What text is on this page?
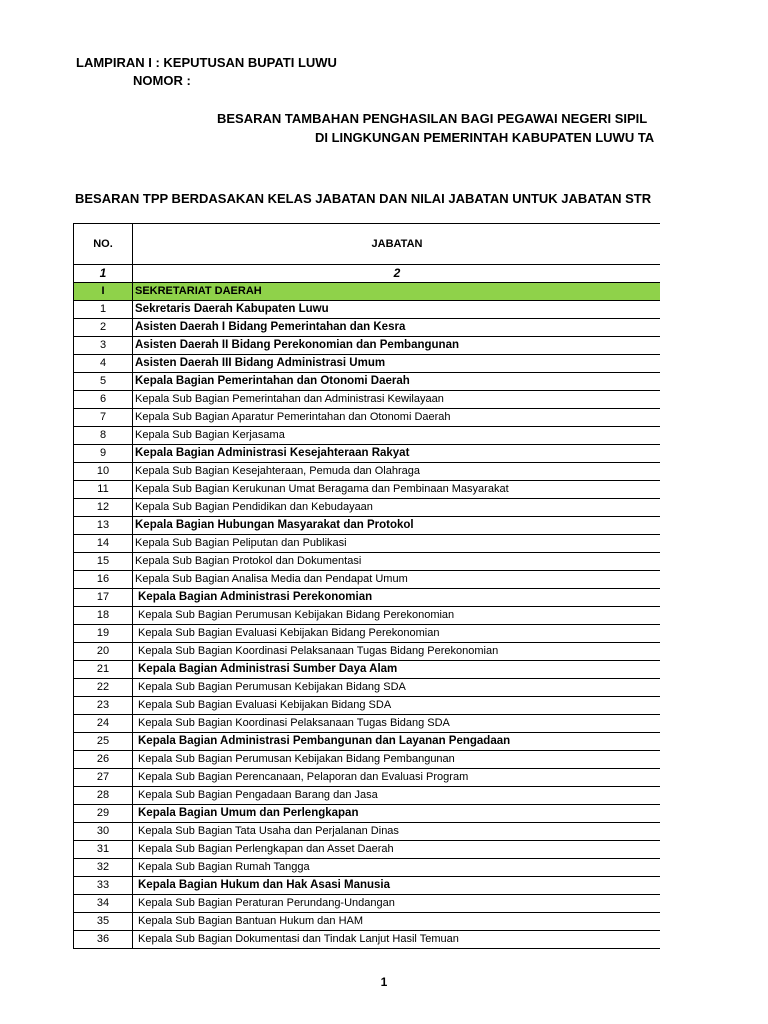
LAMPIRAN I : KEPUTUSAN BUPATI LUWU
NOMOR :
BESARAN TAMBAHAN PENGHASILAN BAGI PEGAWAI NEGERI SIPIL
DI LINGKUNGAN PEMERINTAH KABUPATEN LUWU TA
BESARAN TPP BERDASAKAN KELAS JABATAN DAN NILAI JABATAN UNTUK JABATAN STR
NO.	JABATAN
1	2
I	SEKRETARIAT DAERAH
1	Sekretaris Daerah Kabupaten Luwu
2	Asisten Daerah I Bidang Pemerintahan dan Kesra
3	Asisten Daerah II Bidang Perekonomian dan Pembangunan
4	Asisten Daerah III Bidang Administrasi Umum
5	Kepala Bagian Pemerintahan dan Otonomi Daerah
6	Kepala Sub Bagian Pemerintahan dan Administrasi Kewilayaan
7	Kepala Sub Bagian Aparatur Pemerintahan dan Otonomi Daerah
8	Kepala Sub Bagian Kerjasama
9	Kepala Bagian Administrasi Kesejahteraan Rakyat
10	Kepala Sub Bagian Kesejahteraan, Pemuda dan Olahraga
11	Kepala Sub Bagian Kerukunan Umat Beragama dan Pembinaan Masyarakat
12	Kepala Sub Bagian Pendidikan dan Kebudayaan
13	Kepala Bagian Hubungan Masyarakat dan Protokol
14	Kepala Sub Bagian Peliputan dan Publikasi
15	Kepala Sub Bagian Protokol dan Dokumentasi
16	Kepala Sub Bagian Analisa Media dan Pendapat Umum
17	Kepala Bagian Administrasi Perekonomian
18	Kepala Sub Bagian Perumusan Kebijakan Bidang Perekonomian
19	Kepala Sub Bagian Evaluasi Kebijakan Bidang Perekonomian
20	Kepala Sub Bagian Koordinasi Pelaksanaan Tugas Bidang Perekonomian
21	Kepala Bagian Administrasi Sumber Daya Alam
22	Kepala Sub Bagian Perumusan Kebijakan Bidang SDA
23	Kepala Sub Bagian Evaluasi Kebijakan Bidang SDA
24	Kepala Sub Bagian Koordinasi Pelaksanaan Tugas Bidang SDA
25	Kepala Bagian Administrasi Pembangunan dan Layanan Pengadaan
26	Kepala Sub Bagian Perumusan Kebijakan Bidang Pembangunan
27	Kepala Sub Bagian Perencanaan, Pelaporan dan Evaluasi Program
28	Kepala Sub Bagian Pengadaan Barang dan Jasa
29	Kepala Bagian Umum dan Perlengkapan
30	Kepala Sub Bagian Tata Usaha dan Perjalanan Dinas
31	Kepala Sub Bagian Perlengkapan dan Asset Daerah
32	Kepala Sub Bagian Rumah Tangga
33	Kepala Bagian Hukum dan Hak Asasi Manusia
34	Kepala Sub Bagian Peraturan Perundang-Undangan
35	Kepala Sub Bagian Bantuan Hukum dan HAM
36	Kepala Sub Bagian Dokumentasi dan Tindak Lanjut Hasil Temuan
1
